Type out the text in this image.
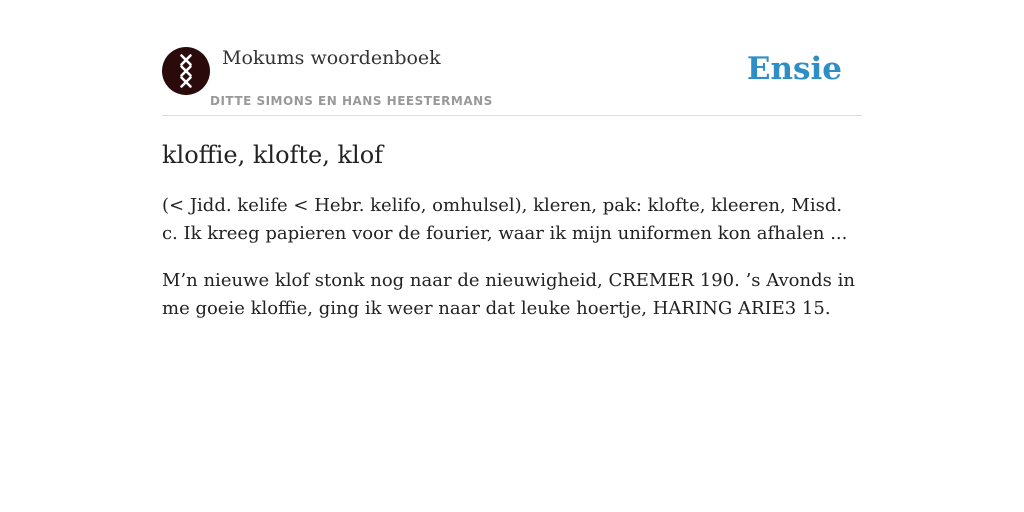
Mokums woordenboek
DITTE SIMONS EN HANS HEESTERMANS
Ensie
kloffie, klofte, klof

(< Jidd. kelife < Hebr. kelifo, omhulsel), kleren, pak: klofte, kleeren, Misd. c. Ik kreeg papieren voor de fourier, waar ik mijn uniformen kon afhalen ...

M’n nieuwe klof stonk nog naar de nieuwigheid, CREMER 190. ’s Avonds in me goeie kloffie, ging ik weer naar dat leuke hoertje, HARING ARIE3 15.
